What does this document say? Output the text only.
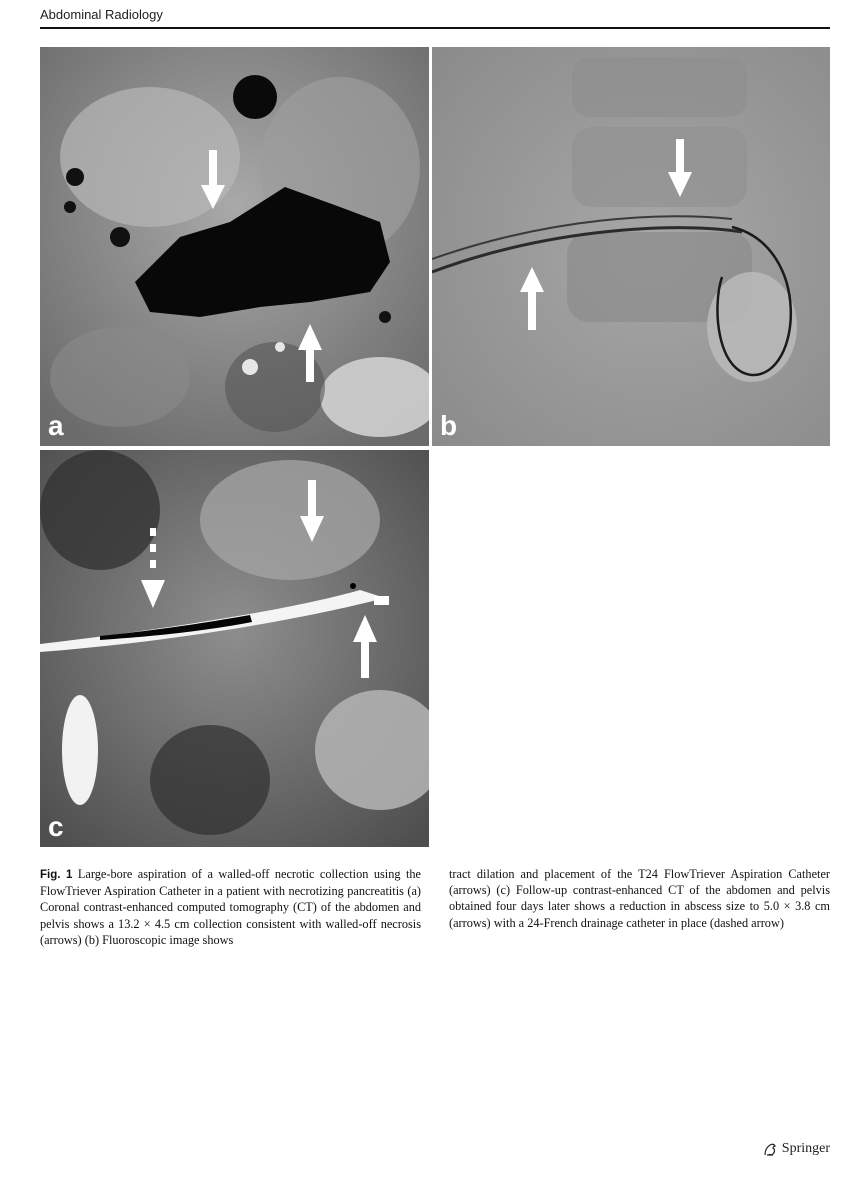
Abdominal Radiology
a	b
c
Fig. 1 Large-bore aspiration of a walled-off necrotic collection using the FlowTriever Aspiration Catheter in a patient with necrotizing pancreatitis (a) Coronal contrast-enhanced computed tomography (CT) of the abdomen and pelvis shows a 13.2 × 4.5 cm collection consistent with walled-off necrosis (arrows) (b) Fluoroscopic image shows
tract dilation and placement of the T24 FlowTriever Aspiration Catheter (arrows) (c) Follow-up contrast-enhanced CT of the abdomen and pelvis obtained four days later shows a reduction in abscess size to 5.0 × 3.8 cm (arrows) with a 24-French drainage catheter in place (dashed arrow)
Springer
